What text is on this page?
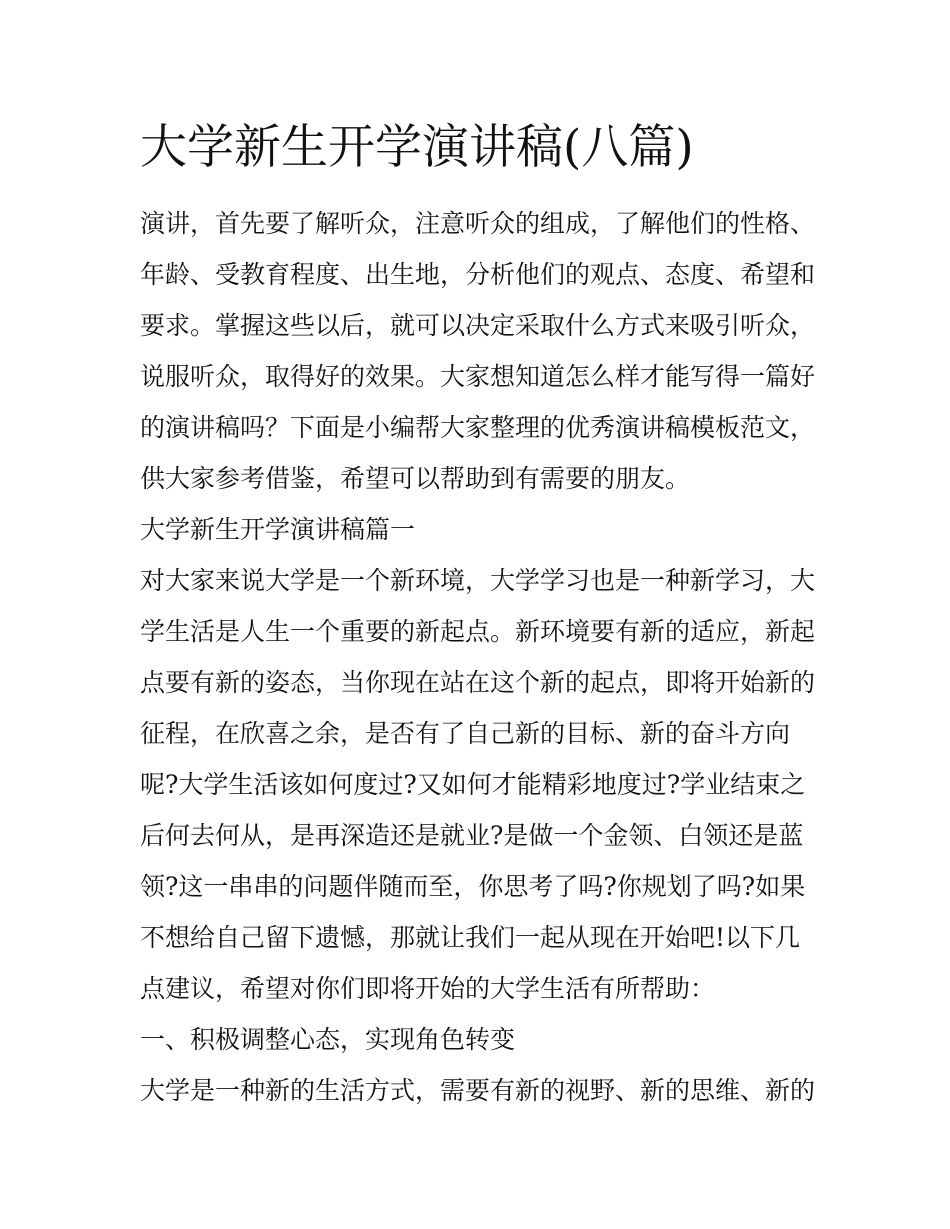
大学新生开学演讲稿(八篇)

演讲，首先要了解听众，注意听众的组成，了解他们的性格、

年龄、受教育程度、出生地，分析他们的观点、态度、希望和

要求。掌握这些以后，就可以决定采取什么方式来吸引听众，

说服听众，取得好的效果。大家想知道怎么样才能写得一篇好

的演讲稿吗？下面是小编帮大家整理的优秀演讲稿模板范文，

供大家参考借鉴，希望可以帮助到有需要的朋友。

大学新生开学演讲稿篇一

对大家来说大学是一个新环境，大学学习也是一种新学习，大

学生活是人生一个重要的新起点。新环境要有新的适应，新起

点要有新的姿态，当你现在站在这个新的起点，即将开始新的

征程，在欣喜之余，是否有了自己新的目标、新的奋斗方向

呢?大学生活该如何度过?又如何才能精彩地度过?学业结束之

后何去何从，是再深造还是就业?是做一个金领、白领还是蓝

领?这一串串的问题伴随而至，你思考了吗?你规划了吗?如果

不想给自己留下遗憾，那就让我们一起从现在开始吧!以下几

点建议，希望对你们即将开始的大学生活有所帮助：

一、积极调整心态，实现角色转变

大学是一种新的生活方式，需要有新的视野、新的思维、新的
